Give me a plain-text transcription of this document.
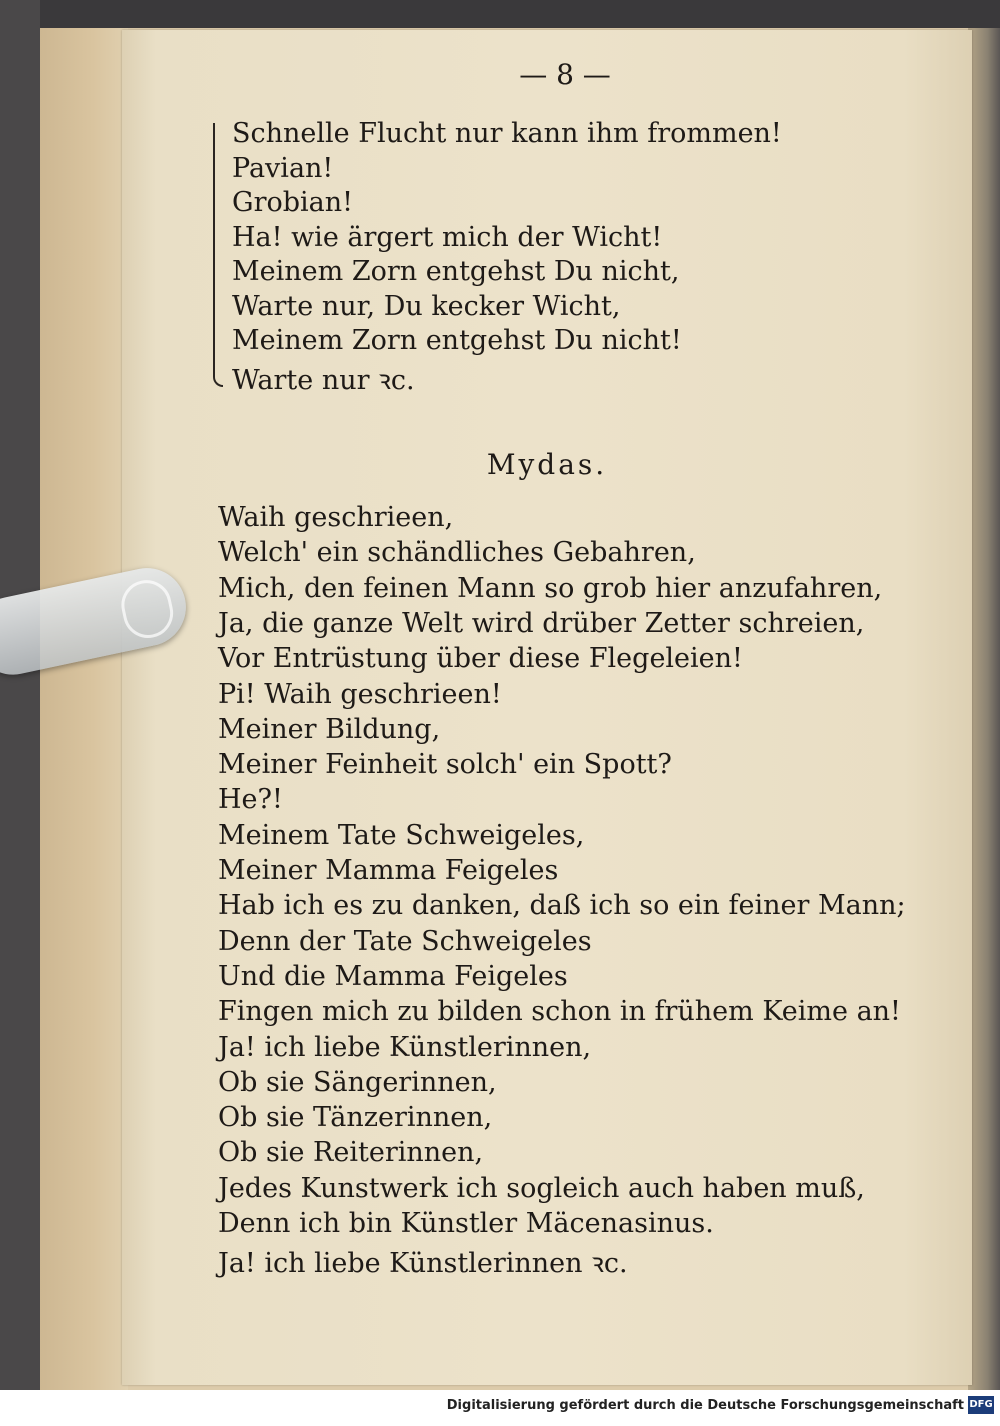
— 8 —
Schnelle Flucht nur kann ihm frommen!
Pavian!
Grobian!
Ha! wie ärgert mich der Wicht!
Meinem Zorn entgehst Du nicht,
Warte nur, Du kecker Wicht,
Meinem Zorn entgehst Du nicht!
Warte nur ꝛc.
Mydas.
Waih geschrieen,
Welch' ein schändliches Gebahren,
Mich, den feinen Mann so grob hier anzufahren,
Ja, die ganze Welt wird drüber Zetter schreien,
Vor Entrüstung über diese Flegeleien!
Pi! Waih geschrieen!
Meiner Bildung,
Meiner Feinheit solch' ein Spott?
He?!
Meinem Tate Schweigeles,
Meiner Mamma Feigeles
Hab ich es zu danken, daß ich so ein feiner Mann;
Denn der Tate Schweigeles
Und die Mamma Feigeles
Fingen mich zu bilden schon in frühem Keime an!
Ja! ich liebe Künstlerinnen,
Ob sie Sängerinnen,
Ob sie Tänzerinnen,
Ob sie Reiterinnen,
Jedes Kunstwerk ich sogleich auch haben muß,
Denn ich bin Künstler Mäcenasinus.
Ja! ich liebe Künstlerinnen ꝛc.
Digitalisierung gefördert durch die Deutsche Forschungsgemeinschaft DFG
